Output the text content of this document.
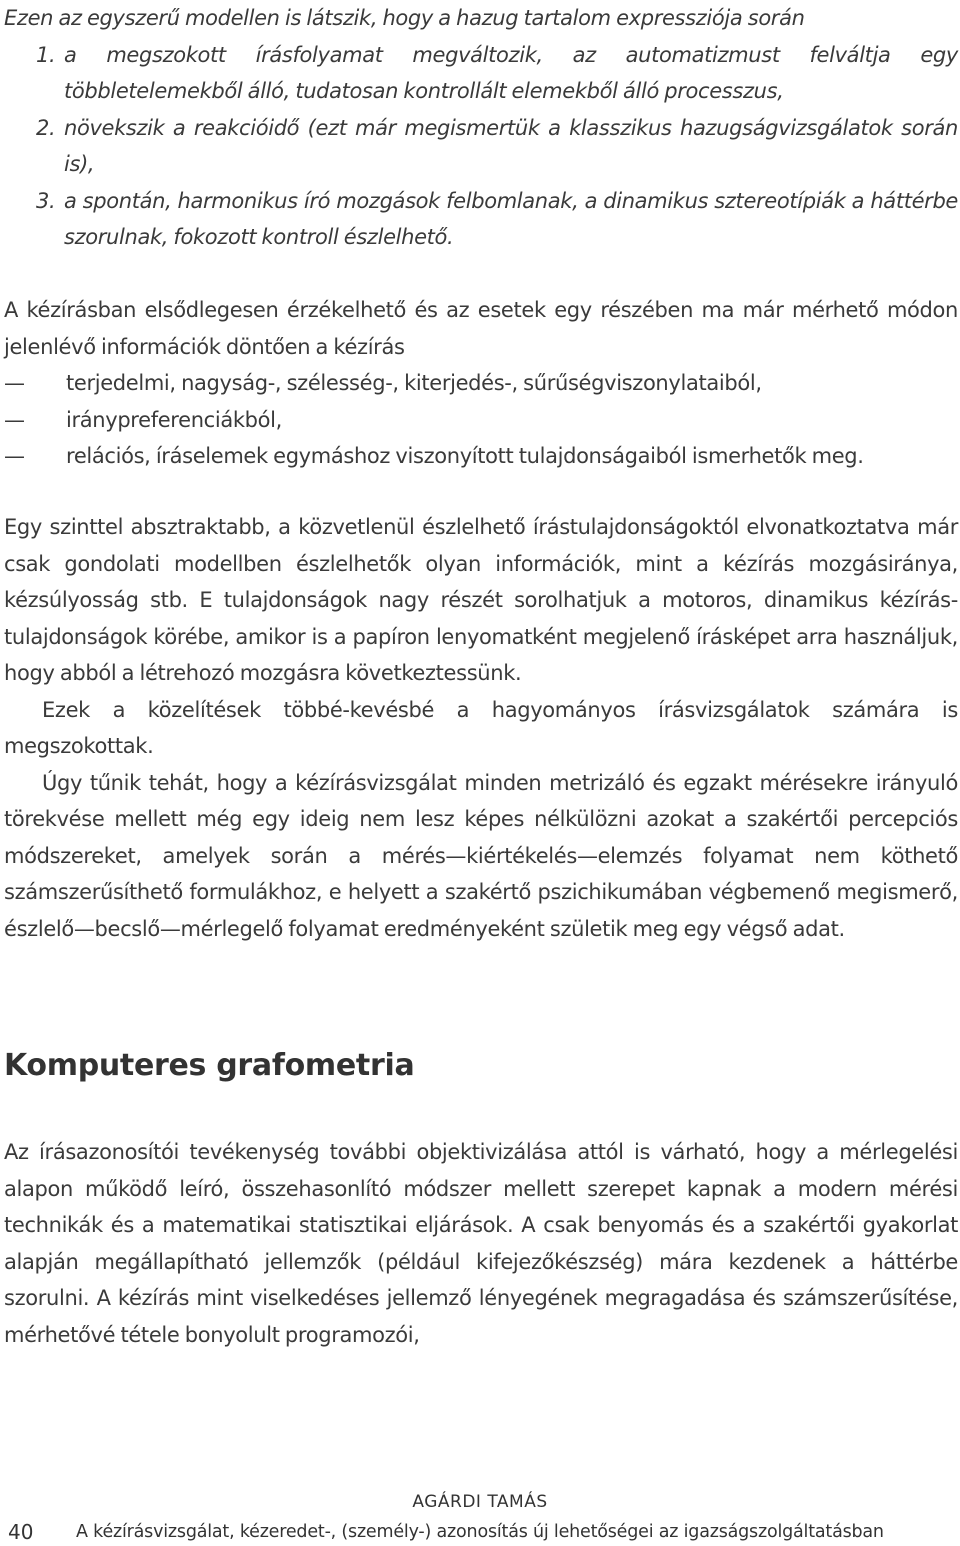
Ezen az egyszerű modellen is látszik, hogy a hazug tartalom expressziója során

1. a megszokott írásfolyamat megváltozik, az automatizmust felváltja egy többletelemekből álló, tudatosan kontrollált elemekből álló processzus,
2. növekszik a reakcióidő (ezt már megismertük a klasszikus hazugságvizsgálatok során is),
3. a spontán, harmonikus író mozgások felbomlanak, a dinamikus sztereotípiák a háttérbe szorulnak, fokozott kontroll észlelhető.

A kézírásban elsődlegesen érzékelhető és az esetek egy részében ma már mérhető módon jelenlévő információk döntően a kézírás

—	terjedelmi, nagyság-, szélesség-, kiterjedés-, sűrűségviszonylataiból,
—	iránypreferenciákból,
—	relációs, íráselemek egymáshoz viszonyított tulajdonságaiból ismerhetők meg.

Egy szinttel absztraktabb, a közvetlenül észlelhető írástulajdonságoktól elvonatkoztatva már csak gondolati modellben észlelhetők olyan információk, mint a kézírás mozgásiránya, kézsúlyosság stb. E tulajdonságok nagy részét sorolhatjuk a motoros, dinamikus kézírás-tulajdonságok körébe, amikor is a papíron lenyomatként megjelenő írásképet arra használjuk, hogy abból a létrehozó mozgásra következtessünk.

Ezek a közelítések többé-kevésbé a hagyományos írásvizsgálatok számára is megszokottak.

Úgy tűnik tehát, hogy a kézírásvizsgálat minden metrizáló és egzakt mérésekre irányuló törekvése mellett még egy ideig nem lesz képes nélkülözni azokat a szakértői percepciós módszereket, amelyek során a mérés—kiértékelés—elemzés folyamat nem köthető számszerűsíthető formulákhoz, e helyett a szakértő pszichikumában végbemenő megismerő, észlelő—becslő—mérlegelő folyamat eredményeként születik meg egy végső adat.

Komputeres grafometria

Az írásazonosítói tevékenység további objektivizálása attól is várható, hogy a mérlegelési alapon működő leíró, összehasonlító módszer mellett szerepet kapnak a modern mérési technikák és a matematikai statisztikai eljárások. A csak benyomás és a szakértői gyakorlat alapján megállapítható jellemzők (például kifejezőkészség) mára kezdenek a háttérbe szorulni. A kézírás mint viselkedéses jellemző lényegének megragadása és számszerűsítése, mérhetővé tétele bonyolult programozói,

AGÁRDI TAMÁS
40 A kézírásvizsgálat, kézeredet-, (személy-) azonosítás új lehetőségei az igazságszolgáltatásban
